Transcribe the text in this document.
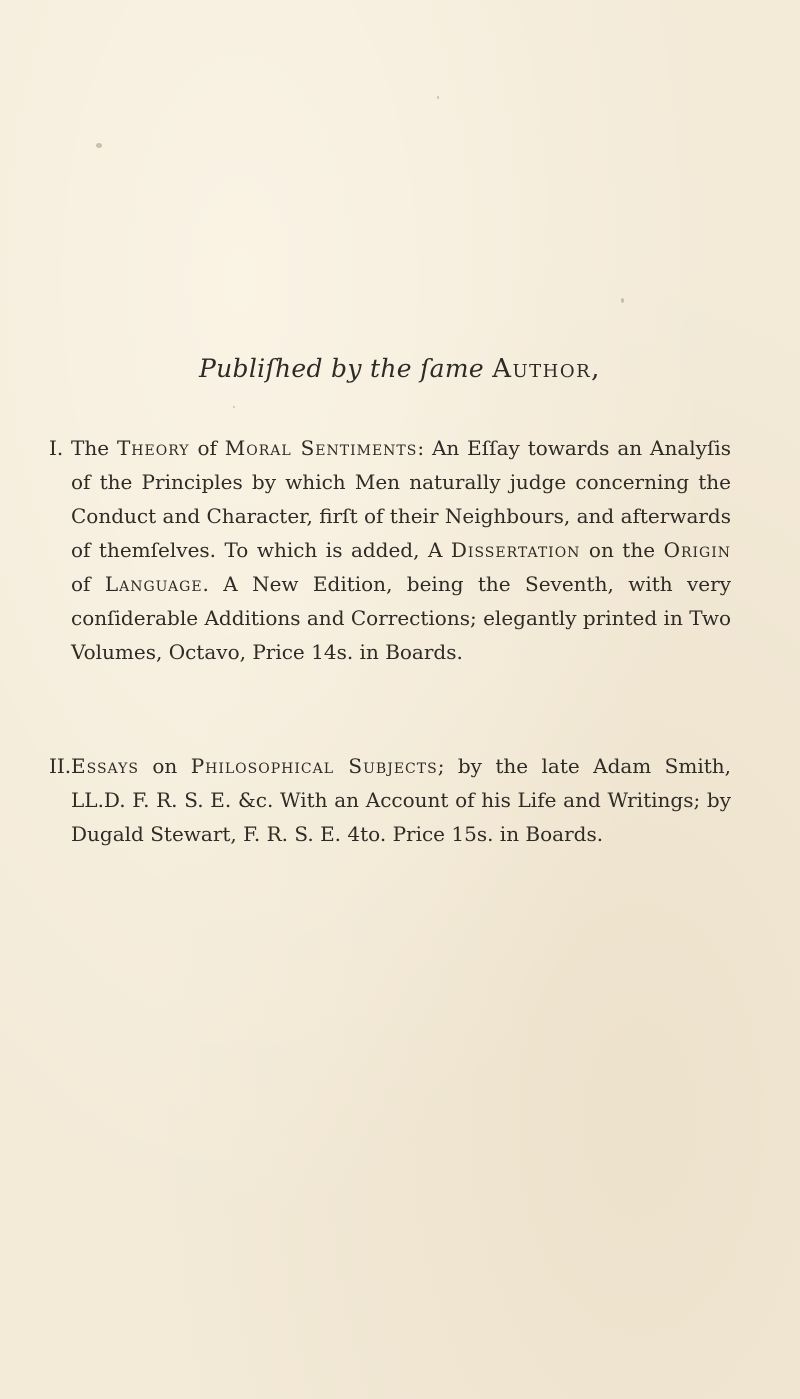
Publiſhed by the ſame Author,
I. The Theory of Moral Sentiments: An Eſſay towards an Analyſis of the Principles by which Men naturally judge concerning the Conduct and Character, firſt of their Neighbours, and afterwards of themſelves. To which is added, A Dissertation on the Origin of Language. A New Edition, being the Seventh, with very conſiderable Additions and Corrections; elegantly printed in Two Volumes, Octavo, Price 14s. in Boards.
II. Essays on Philosophical Subjects; by the late Adam Smith, LL.D. F. R. S. E. &c. With an Account of his Life and Writings; by Dugald Stewart, F. R. S. E. 4to. Price 15s. in Boards.
